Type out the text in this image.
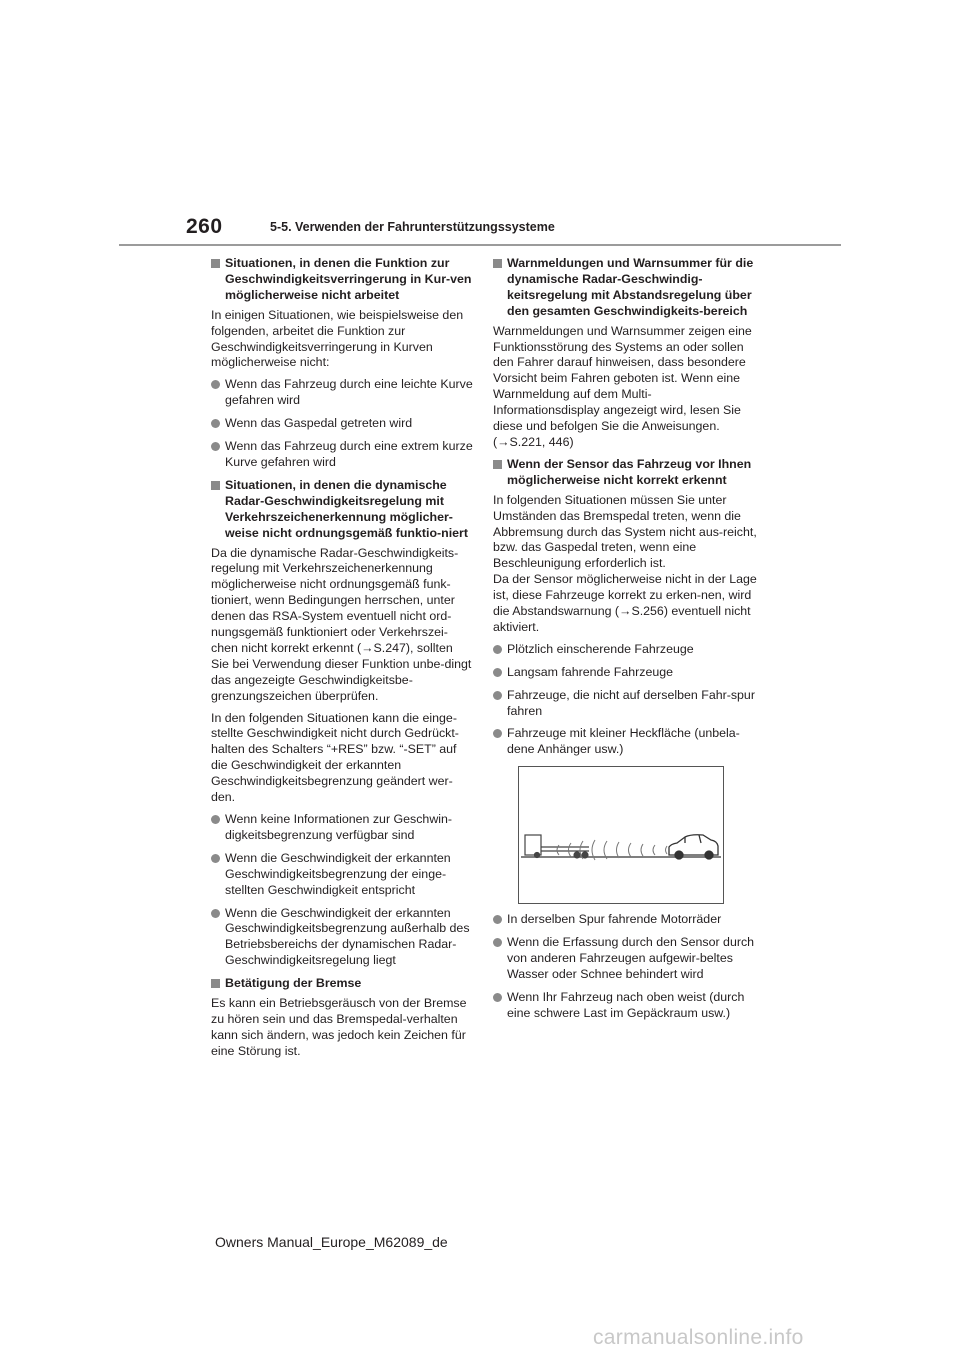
260	5-5. Verwenden der Fahrunterstützungssysteme
Situationen, in denen die Funktion zur Geschwindigkeitsverringerung in Kur-ven möglicherweise nicht arbeitet
In einigen Situationen, wie beispielsweise den folgenden, arbeitet die Funktion zur Geschwindigkeitsverringerung in Kurven möglicherweise nicht:
Wenn das Fahrzeug durch eine leichte Kurve gefahren wird
Wenn das Gaspedal getreten wird
Wenn das Fahrzeug durch eine extrem kurze Kurve gefahren wird
Situationen, in denen die dynamische Radar-Geschwindigkeitsregelung mit Verkehrszeichenerkennung möglicher-weise nicht ordnungsgemäß funktio-niert
Da die dynamische Radar-Geschwindigkeits-regelung mit Verkehrszeichenerkennung möglicherweise nicht ordnungsgemäß funk-tioniert, wenn Bedingungen herrschen, unter denen das RSA-System eventuell nicht ord-nungsgemäß funktioniert oder Verkehrszei-chen nicht korrekt erkennt (→S.247), sollten Sie bei Verwendung dieser Funktion unbe-dingt das angezeigte Geschwindigkeitsbe-grenzungszeichen überprüfen.
In den folgenden Situationen kann die einge-stellte Geschwindigkeit nicht durch Gedrückt-halten des Schalters “+RES” bzw. “-SET” auf die Geschwindigkeit der erkannten Geschwindigkeitsbegrenzung geändert wer-den.
Wenn keine Informationen zur Geschwin-digkeitsbegrenzung verfügbar sind
Wenn die Geschwindigkeit der erkannten Geschwindigkeitsbegrenzung der einge-stellten Geschwindigkeit entspricht
Wenn die Geschwindigkeit der erkannten Geschwindigkeitsbegrenzung außerhalb des Betriebsbereichs der dynamischen Radar-Geschwindigkeitsregelung liegt
Betätigung der Bremse
Es kann ein Betriebsgeräusch von der Bremse zu hören sein und das Bremspedal-verhalten kann sich ändern, was jedoch kein Zeichen für eine Störung ist.
Warnmeldungen und Warnsummer für die dynamische Radar-Geschwindig-keitsregelung mit Abstandsregelung über den gesamten Geschwindigkeits-bereich
Warnmeldungen und Warnsummer zeigen eine Funktionsstörung des Systems an oder sollen den Fahrer darauf hinweisen, dass besondere Vorsicht beim Fahren geboten ist. Wenn eine Warnmeldung auf dem Multi-Informationsdisplay angezeigt wird, lesen Sie diese und befolgen Sie die Anweisungen. (→S.221, 446)
Wenn der Sensor das Fahrzeug vor Ihnen möglicherweise nicht korrekt erkennt
In folgenden Situationen müssen Sie unter Umständen das Bremspedal treten, wenn die Abbremsung durch das System nicht aus-reicht, bzw. das Gaspedal treten, wenn eine Beschleunigung erforderlich ist.
Da der Sensor möglicherweise nicht in der Lage ist, diese Fahrzeuge korrekt zu erken-nen, wird die Abstandswarnung (→S.256) eventuell nicht aktiviert.
Plötzlich einscherende Fahrzeuge
Langsam fahrende Fahrzeuge
Fahrzeuge, die nicht auf derselben Fahr-spur fahren
Fahrzeuge mit kleiner Heckfläche (unbela-dene Anhänger usw.)
In derselben Spur fahrende Motorräder
Wenn die Erfassung durch den Sensor durch von anderen Fahrzeugen aufgewir-beltes Wasser oder Schnee behindert wird
Wenn Ihr Fahrzeug nach oben weist (durch eine schwere Last im Gepäckraum usw.)
Owners Manual_Europe_M62089_de
carmanualsonline.info
